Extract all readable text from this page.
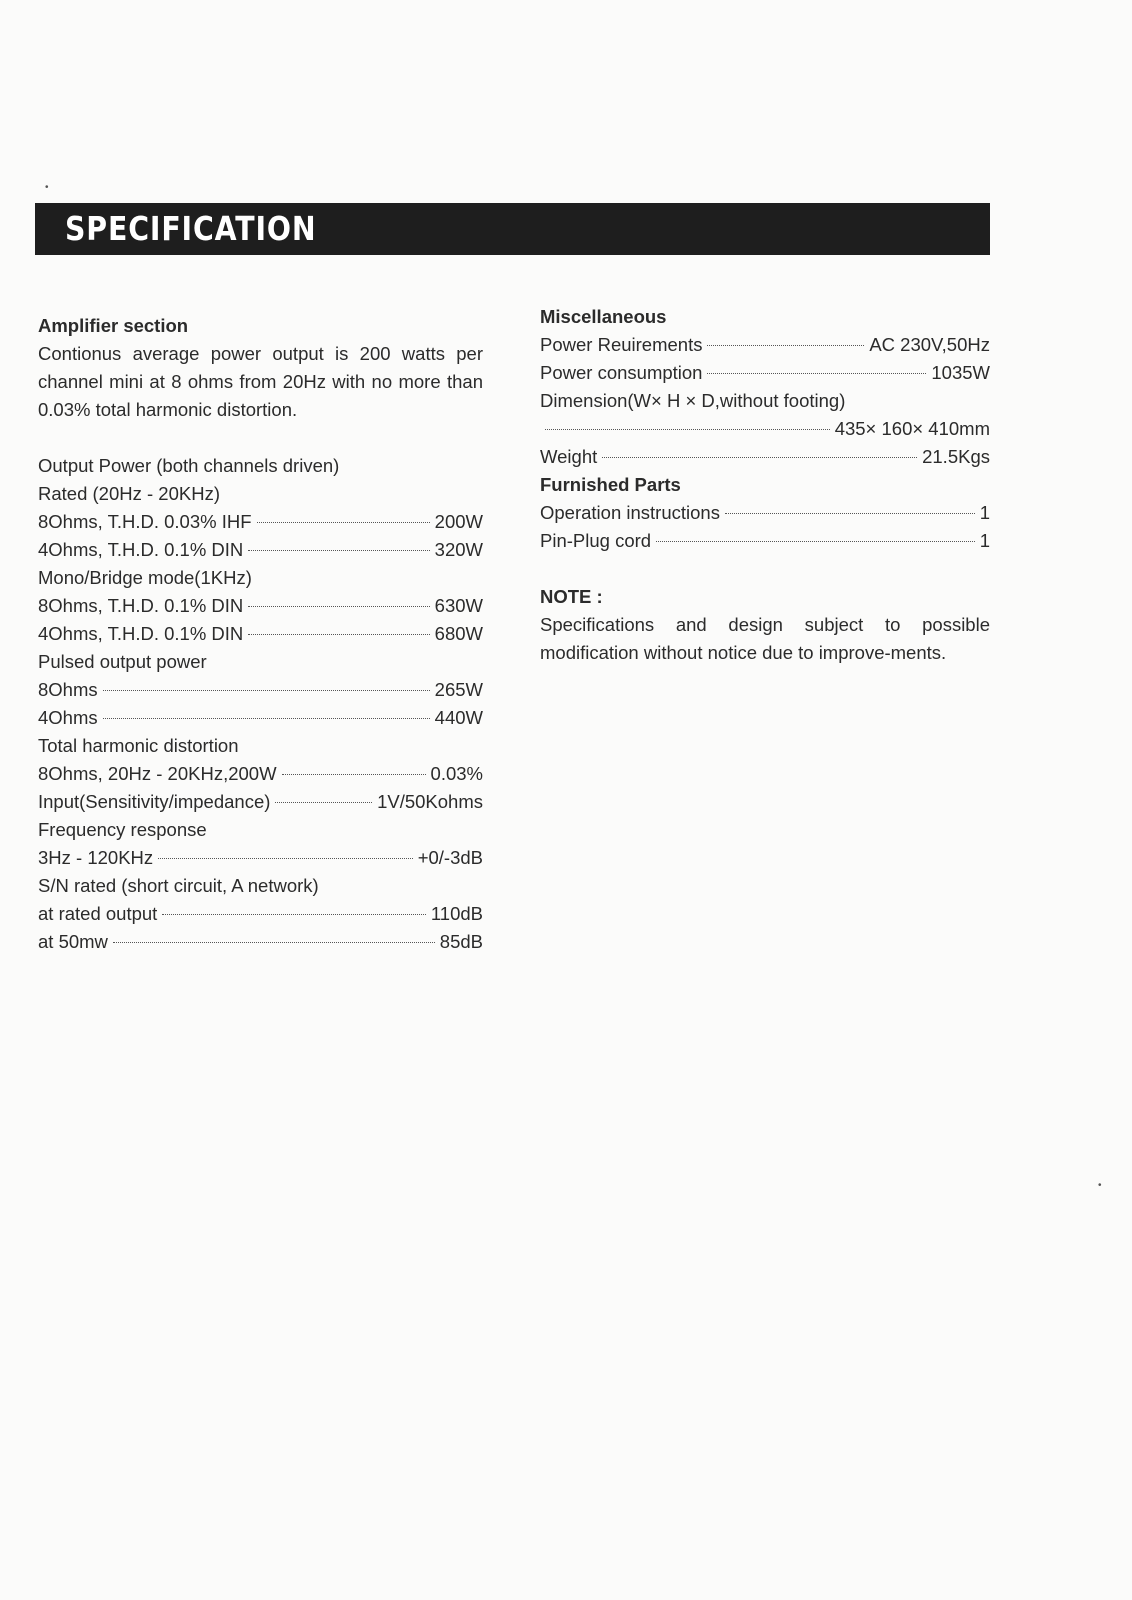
SPECIFICATION
Amplifier section
Contionus average power output is 200 watts per channel mini at 8 ohms from 20Hz with no more than 0.03% total harmonic distortion.
Output Power (both channels driven)
Rated (20Hz - 20KHz)
8Ohms, T.H.D. 0.03% IHF	200W
4Ohms, T.H.D. 0.1% DIN	320W
Mono/Bridge mode(1KHz)
8Ohms, T.H.D. 0.1% DIN	630W
4Ohms, T.H.D. 0.1% DIN	680W
Pulsed output power
8Ohms	265W
4Ohms	440W
Total harmonic distortion
8Ohms, 20Hz - 20KHz,200W	0.03%
Input(Sensitivity/impedance)	1V/50Kohms
Frequency response
3Hz - 120KHz	+0/-3dB
S/N rated (short circuit, A network)
at rated output	110dB
at 50mw	85dB
Miscellaneous
Power Reuirements	AC 230V,50Hz
Power consumption	1035W
Dimension(W× H × D,without footing)
435× 160× 410mm
Weight	21.5Kgs
Furnished Parts
Operation instructions	1
Pin-Plug cord	1
NOTE :
Specifications and design subject to possible modification without notice due to improve-ments.
•
•
